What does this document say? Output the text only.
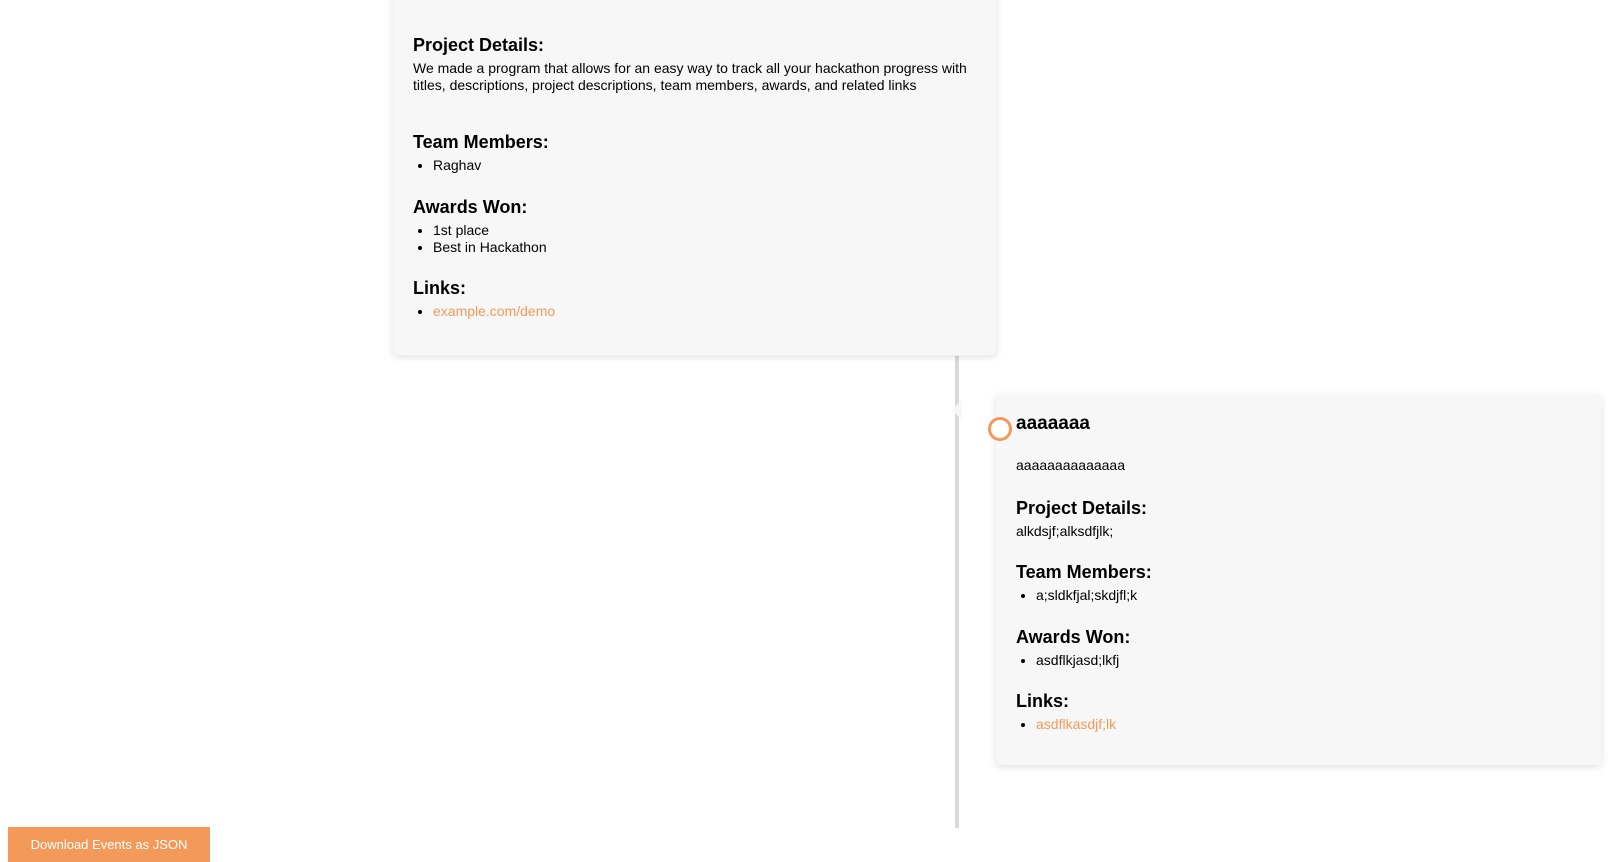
Project Details:

We made a program that allows for an easy way to track all your hackathon progress with titles, descriptions, project descriptions, team members, awards, and related links

Team Members:
• Raghav
Awards Won:
• 1st place
• Best in Hackathon
Links:
• example.com/demo
aaaaaaa

aaaaaaaaaaaaaa

Project Details:

alkdsjf;alksdfjlk;

Team Members:
• a;sldkfjal;skdjfl;k
Awards Won:
• asdflkjasd;lkfj
Links:
• asdflkasdjf;lk
Download Events as JSON
